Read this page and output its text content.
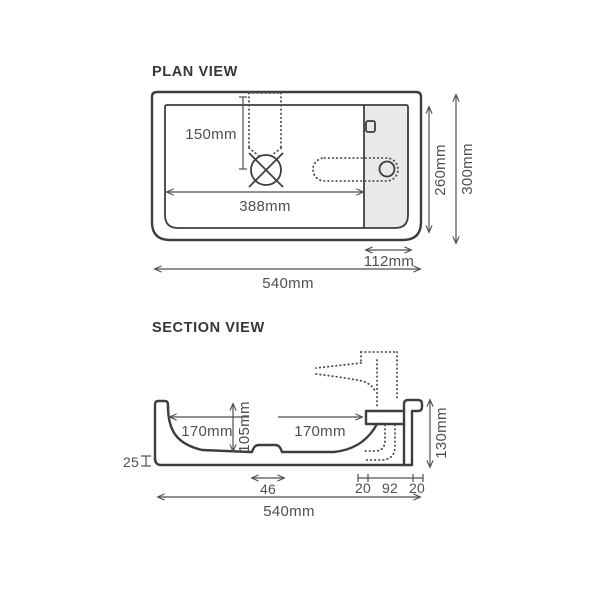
PLAN VIEW
150mm
388mm
260mm 300mm
112mm
540mm
SECTION VIEW
170mm 105mm	170mm
25
46	20 92 20
130mm
540mm
